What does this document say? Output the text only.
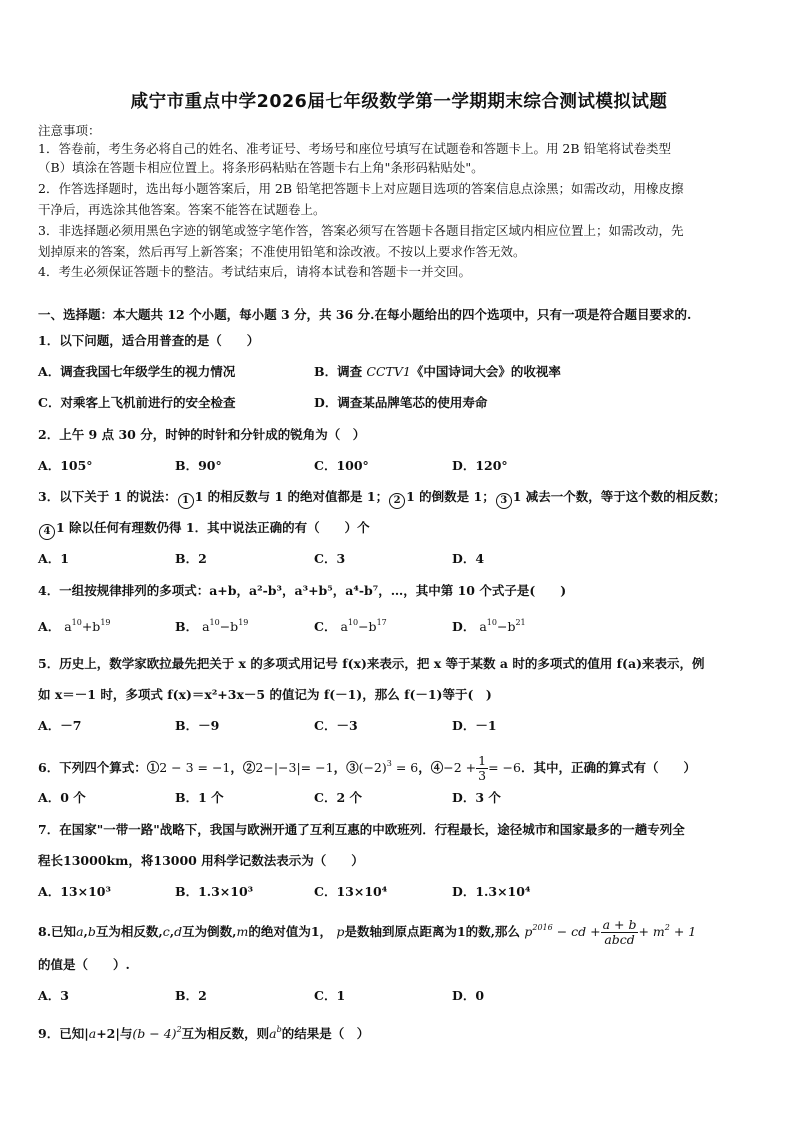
咸宁市重点中学2026届七年级数学第一学期期末综合测试模拟试题
注意事项：
1．答卷前，考生务必将自己的姓名、准考证号、考场号和座位号填写在试题卷和答题卡上。用 2B 铅笔将试卷类型
（B）填涂在答题卡相应位置上。将条形码粘贴在答题卡右上角"条形码粘贴处"。
2．作答选择题时，选出每小题答案后，用 2B 铅笔把答题卡上对应题目选项的答案信息点涂黑；如需改动，用橡皮擦
干净后，再选涂其他答案。答案不能答在试题卷上。
3．非选择题必须用黑色字迹的钢笔或签字笔作答，答案必须写在答题卡各题目指定区域内相应位置上；如需改动，先
划掉原来的答案，然后再写上新答案；不准使用铅笔和涂改液。不按以上要求作答无效。
4．考生必须保证答题卡的整洁。考试结束后，请将本试卷和答题卡一并交回。
一、选择题：本大题共 12 个小题，每小题 3 分，共 36 分.在每小题给出的四个选项中，只有一项是符合题目要求的.
1．以下问题，适合用普查的是（　　）
A．调查我国七年级学生的视力情况	B．调查 CCTV1《中国诗词大会》的收视率
C．对乘客上飞机前进行的安全检查	D．调查某品牌笔芯的使用寿命
2．上午 9 点 30 分，时钟的时针和分针成的锐角为（　）
A．105°	B．90°	C．100°	D．120°
3．以下关于 1 的说法： 1 1 的相反数与 1 的绝对值都是 1； 2 1 的倒数是 1； 3 1 减去一个数，等于这个数的相反数；
4 1 除以任何有理数仍得 1．其中说法正确的有（　　）个
A．1	B．2	C．3	D．4
4．一组按规律排列的多项式：a+b，a²-b³，a³+b⁵，a⁴-b⁷，…，其中第 10 个式子是(　　)
A． $a^{10}+b^{19}$	B． $a^{10}-b^{19}$	C． $a^{10}-b^{17}$	D． $a^{10}-b^{21}$
5．历史上，数学家欧拉最先把关于 x 的多项式用记号 f(x)来表示，把 x 等于某数 a 时的多项式的值用 f(a)来表示，例
如 x＝－1 时，多项式 f(x)＝x²+3x－5 的值记为 f(－1)，那么 f(－1)等于(　)
A．－7	B．－9	C．－3	D．－1
6．下列四个算式：①2 − 3 = −1，②2−|−3|= −1，$③(-2)^3 = 6$，④−2 + $\frac{1}{3} = -6$．其中，正确的算式有（　　）
A．0 个	B．1 个	C．2 个	D．3 个
7．在国家"一带一路"战略下，我国与欧洲开通了互利互惠的中欧班列．行程最长，途径城市和国家最多的一趟专列全
程长13000km，将13000 用科学记数法表示为（　　）
A．13×10³	B．1.3×10³	C．13×10⁴	D．1.3×10⁴
8.已知a,b互为相反数,c,d互为倒数,m的绝对值为1， p是数轴到原点距离为1的数,那么 $p^{2016}$ − cd + $\frac{a + b}{\text{abcd}} + m^2 + 1$
的值是（　　）.
A．3	B．2	C．1	D．0
9．已知|a+2|与$(b - 4)^2$互为相反数，则$a^b$的结果是（　）
